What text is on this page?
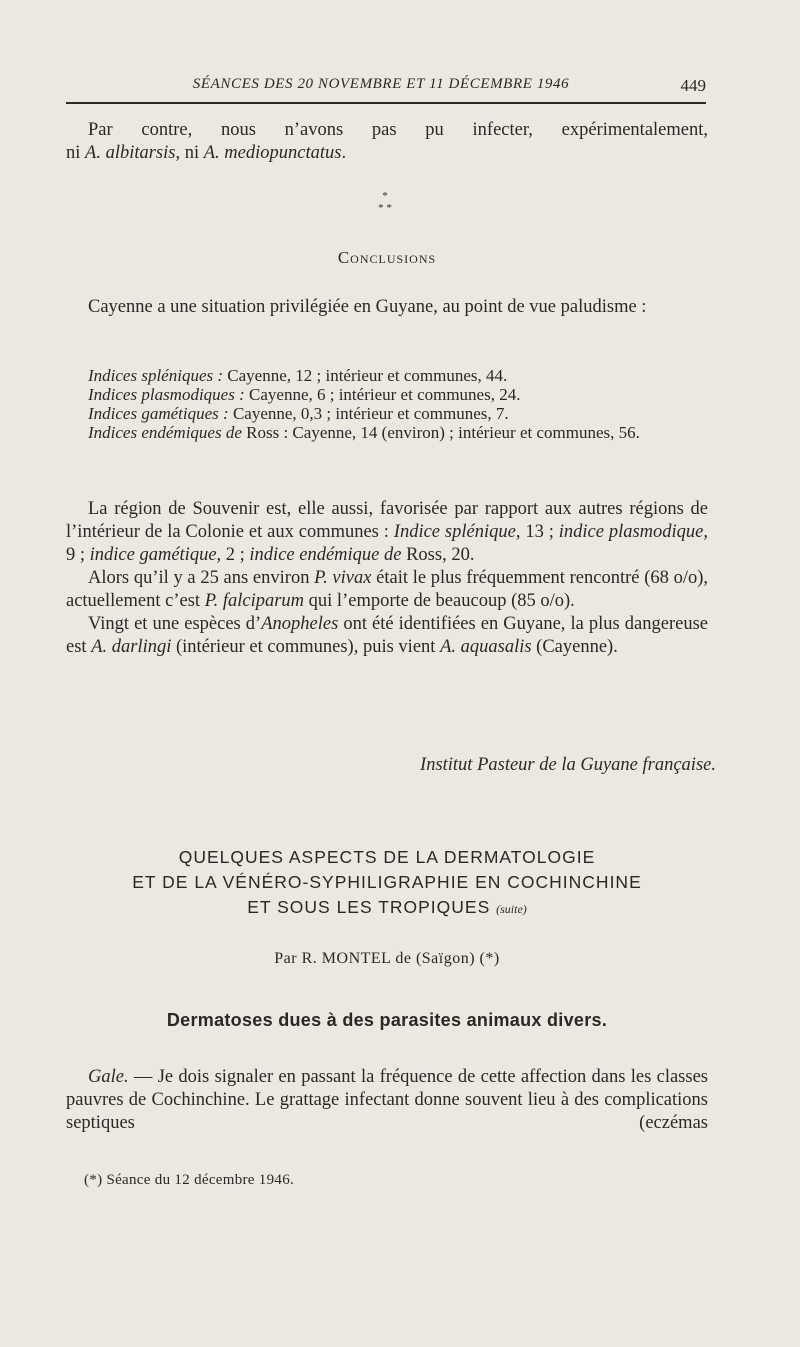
SÉANCES DES 20 NOVEMBRE ET 11 DÉCEMBRE 1946	449

Par contre, nous n’avons pas pu infecter, expérimentalement,

ni A. albitarsis, ni A. mediopunctatus.

*
* *
Conclusions

Cayenne a une situation privilégiée en Guyane, au point de vue paludisme :

Indices spléniques : Cayenne, 12 ; intérieur et communes, 44.

Indices plasmodiques : Cayenne, 6 ; intérieur et communes, 24.

Indices gamétiques : Cayenne, 0,3 ; intérieur et communes, 7.

Indices endémiques de Ross : Cayenne, 14 (environ) ; intérieur et communes, 56.

La région de Souvenir est, elle aussi, favorisée par rapport aux autres régions de l’intérieur de la Colonie et aux communes : Indice splénique, 13 ; indice plasmodique, 9 ; indice gamétique, 2 ; indice endémique de Ross, 20.

Alors qu’il y a 25 ans environ P. vivax était le plus fréquemment rencontré (68 o/o), actuellement c’est P. falciparum qui l’emporte de beaucoup (85 o/o).

Vingt et une espèces d’Anopheles ont été identifiées en Guyane, la plus dangereuse est A. darlingi (intérieur et communes), puis vient A. aquasalis (Cayenne).

Institut Pasteur de la Guyane française.
QUELQUES ASPECTS DE LA DERMATOLOGIE
ET DE LA VÉNÉRO-SYPHILIGRAPHIE EN COCHINCHINE
ET SOUS LES TROPIQUES (suite)
Par R. MONTEL de (Saïgon) (*)
Dermatoses dues à des parasites animaux divers.

Gale. — Je dois signaler en passant la fréquence de cette affection dans les classes pauvres de Cochinchine. Le grattage infectant donne souvent lieu à des complications septiques (eczémas

(*) Séance du 12 décembre 1946.
